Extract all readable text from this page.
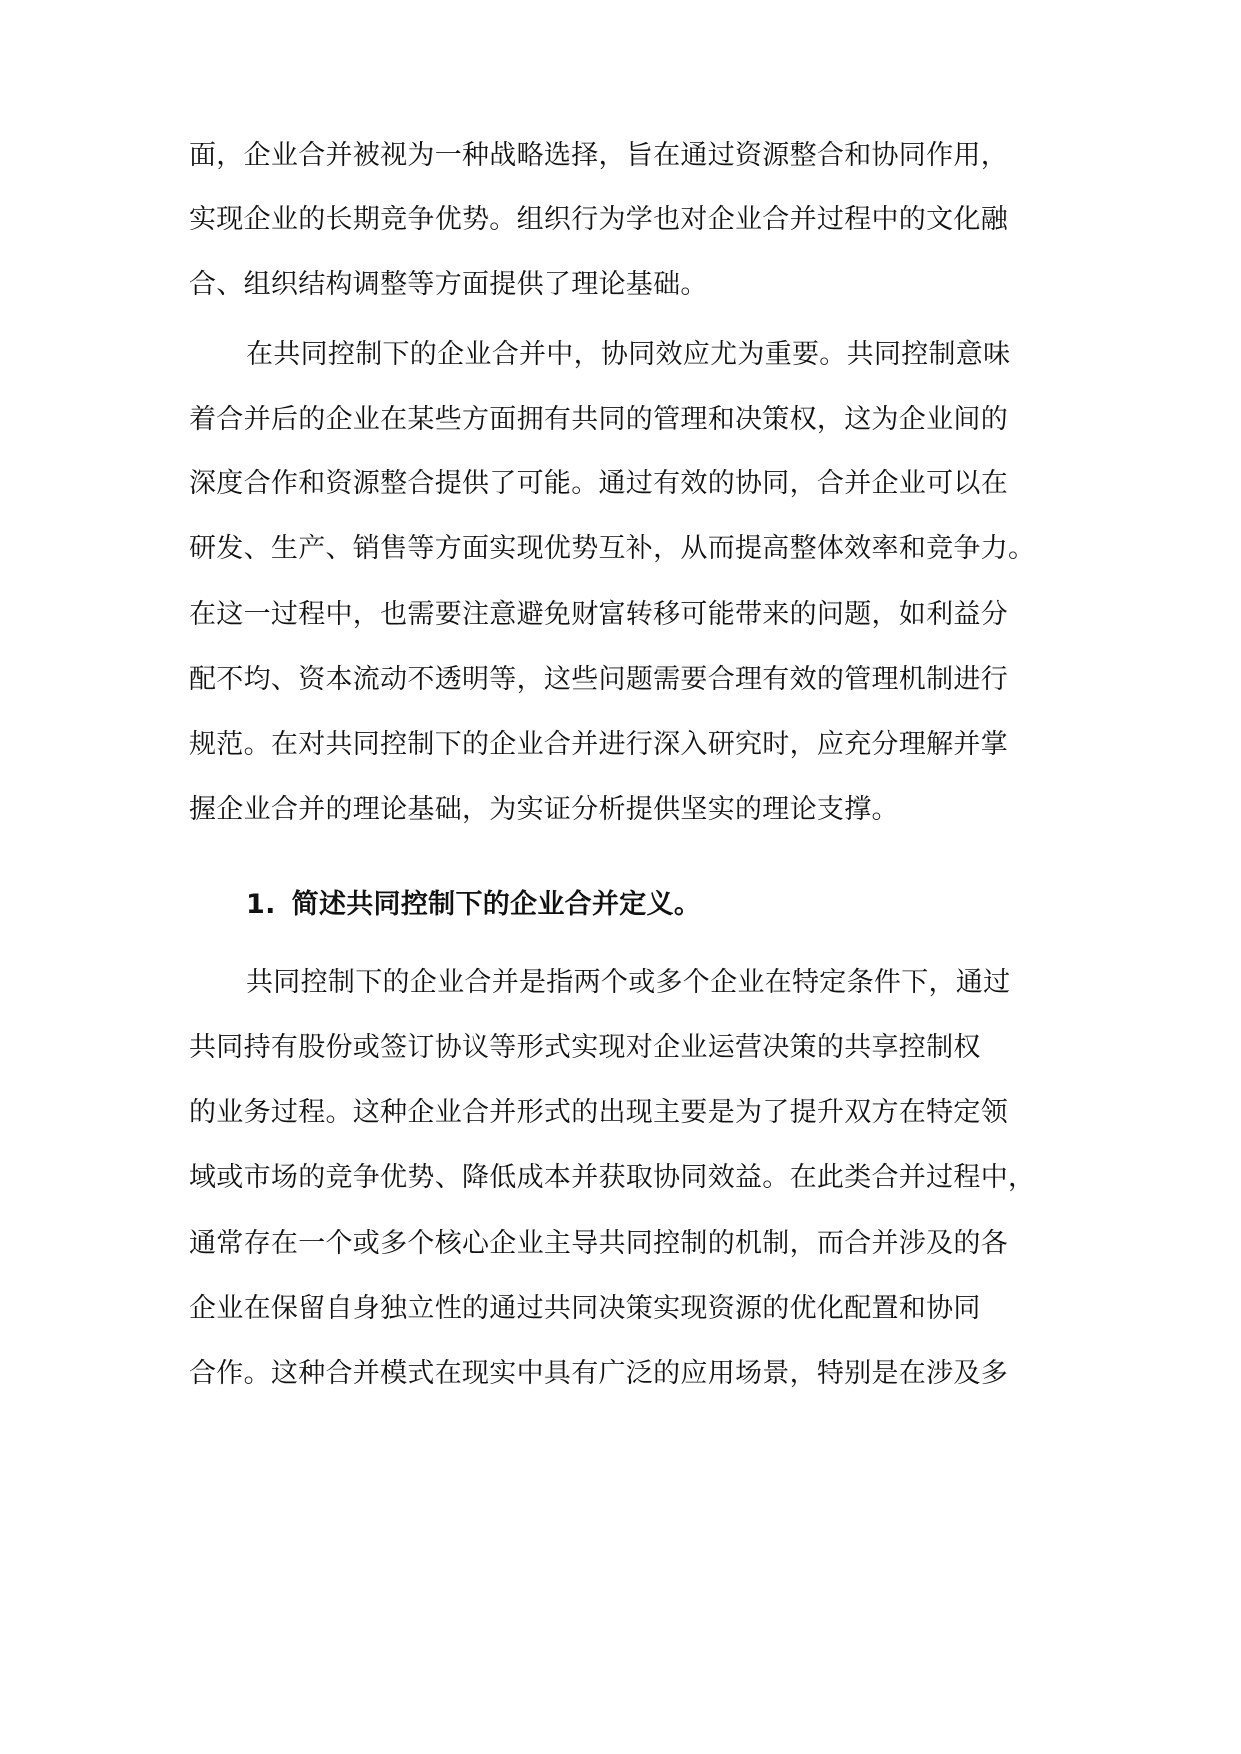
面，企业合并被视为一种战略选择，旨在通过资源整合和协同作用，
实现企业的长期竞争优势。组织行为学也对企业合并过程中的文化融
合、组织结构调整等方面提供了理论基础。
在共同控制下的企业合并中，协同效应尤为重要。共同控制意味
着合并后的企业在某些方面拥有共同的管理和决策权，这为企业间的
深度合作和资源整合提供了可能。通过有效的协同，合并企业可以在
研发、生产、销售等方面实现优势互补，从而提高整体效率和竞争力。
在这一过程中，也需要注意避免财富转移可能带来的问题，如利益分
配不均、资本流动不透明等，这些问题需要合理有效的管理机制进行
规范。在对共同控制下的企业合并进行深入研究时，应充分理解并掌
握企业合并的理论基础，为实证分析提供坚实的理论支撑。
1. 简述共同控制下的企业合并定义。
共同控制下的企业合并是指两个或多个企业在特定条件下，通过
共同持有股份或签订协议等形式实现对企业运营决策的共享控制权
的业务过程。这种企业合并形式的出现主要是为了提升双方在特定领
域或市场的竞争优势、降低成本并获取协同效益。在此类合并过程中，
通常存在一个或多个核心企业主导共同控制的机制，而合并涉及的各
企业在保留自身独立性的通过共同决策实现资源的优化配置和协同
合作。这种合并模式在现实中具有广泛的应用场景，特别是在涉及多
